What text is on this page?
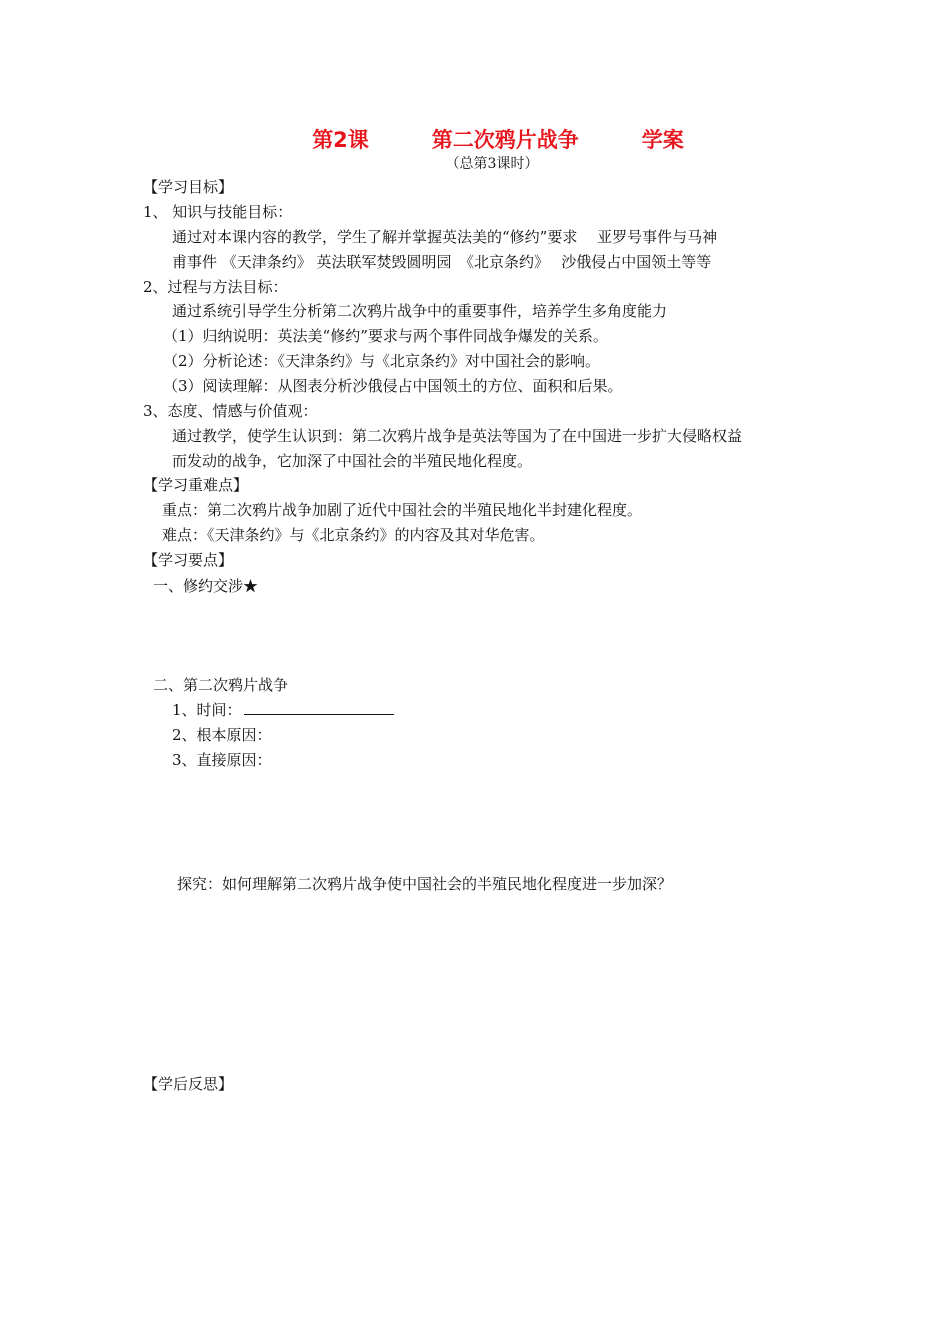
第2课　　　第二次鸦片战争　　　学案
（总第3课时）
【学习目标】
1、 知识与技能目标：
通过对本课内容的教学，学生了解并掌握英法美的“修约”要求　 亚罗号事件与马神
甫事件 《天津条约》 英法联军焚毁圆明园　《北京条约》　 沙俄侵占中国领土等等
2、过程与方法目标：
通过系统引导学生分析第二次鸦片战争中的重要事件，培养学生多角度能力
（1）归纳说明：英法美“修约”要求与两个事件同战争爆发的关系。
（2）分析论述：《天津条约》与《北京条约》对中国社会的影响。
（3）阅读理解：从图表分析沙俄侵占中国领土的方位、面积和后果。
3、态度、情感与价值观：
通过教学，使学生认识到：第二次鸦片战争是英法等国为了在中国进一步扩大侵略权益
而发动的战争，它加深了中国社会的半殖民地化程度。
【学习重难点】
重点：第二次鸦片战争加剧了近代中国社会的半殖民地化半封建化程度。
难点：《天津条约》与《北京条约》的内容及其对华危害。
【学习要点】
一、修约交涉★
二、第二次鸦片战争
1、时间：
2、根本原因：
3、直接原因：
探究：如何理解第二次鸦片战争使中国社会的半殖民地化程度进一步加深？
【学后反思】
